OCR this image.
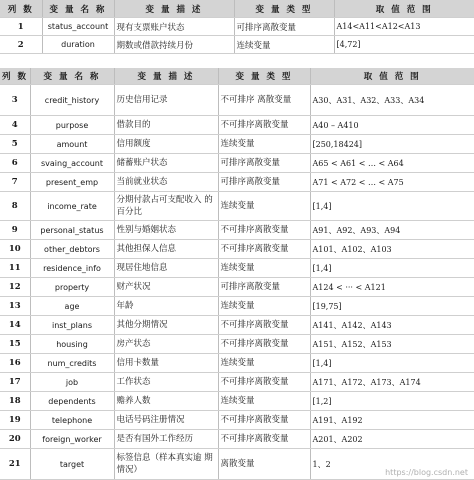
列 数	变 量 名 称	变 量 描 述	变 量 类 型	取 值 范 围
1	status_account	现有支票账户状态	可排序离散变量	A14<A11<A12<A13
2	duration	期数或借款持续月份	连续变量	[4,72]
列 数	变 量 名 称	变 量 描 述	变 量 类 型	取 值 范 围
3	credit_history	历史信用记录	不可排序 离散变量	A30、A31、A32、A33、A34
4	purpose	借款目的	不可排序离散变量	A40 – A410
5	amount	信用额度	连续变量	[250,18424]
6	svaing_account	储蓄账户状态	可排序离散变量	A65 < A61 < … < A64
7	present_emp	当前就业状态	可排序离散变量	A71 < A72 < … < A75
8	income_rate	分期付款占可支配收入 的百分比	连续变量	[1,4]
9	personal_status	性别与婚姻状态	不可排序离散变量	A91、A92、A93、A94
10	other_debtors	其他担保人信息	不可排序离散变量	A101、A102、A103
11	residence_info	现居住地信息	连续变量	[1,4]
12	property	财产状况	可排序离散变量	A124 < ··· < A121
13	age	年龄	连续变量	[19,75]
14	inst_plans	其他分期情况	不可排序离散变量	A141、A142、A143
15	housing	房产状态	不可排序离散变量	A151、A152、A153
16	num_credits	信用卡数量	连续变量	[1,4]
17	job	工作状态	不可排序离散变量	A171、A172、A173、A174
18	dependents	赡养人数	连续变量	[1,2]
19	telephone	电话号码注册情况	不可排序离散变量	A191、A192
20	foreign_worker	是否有国外工作经历	不可排序离散变量	A201、A202
21	target	标签信息（样本真实逾 期情况）	离散变量	1、2
https://blog.csdn.net
